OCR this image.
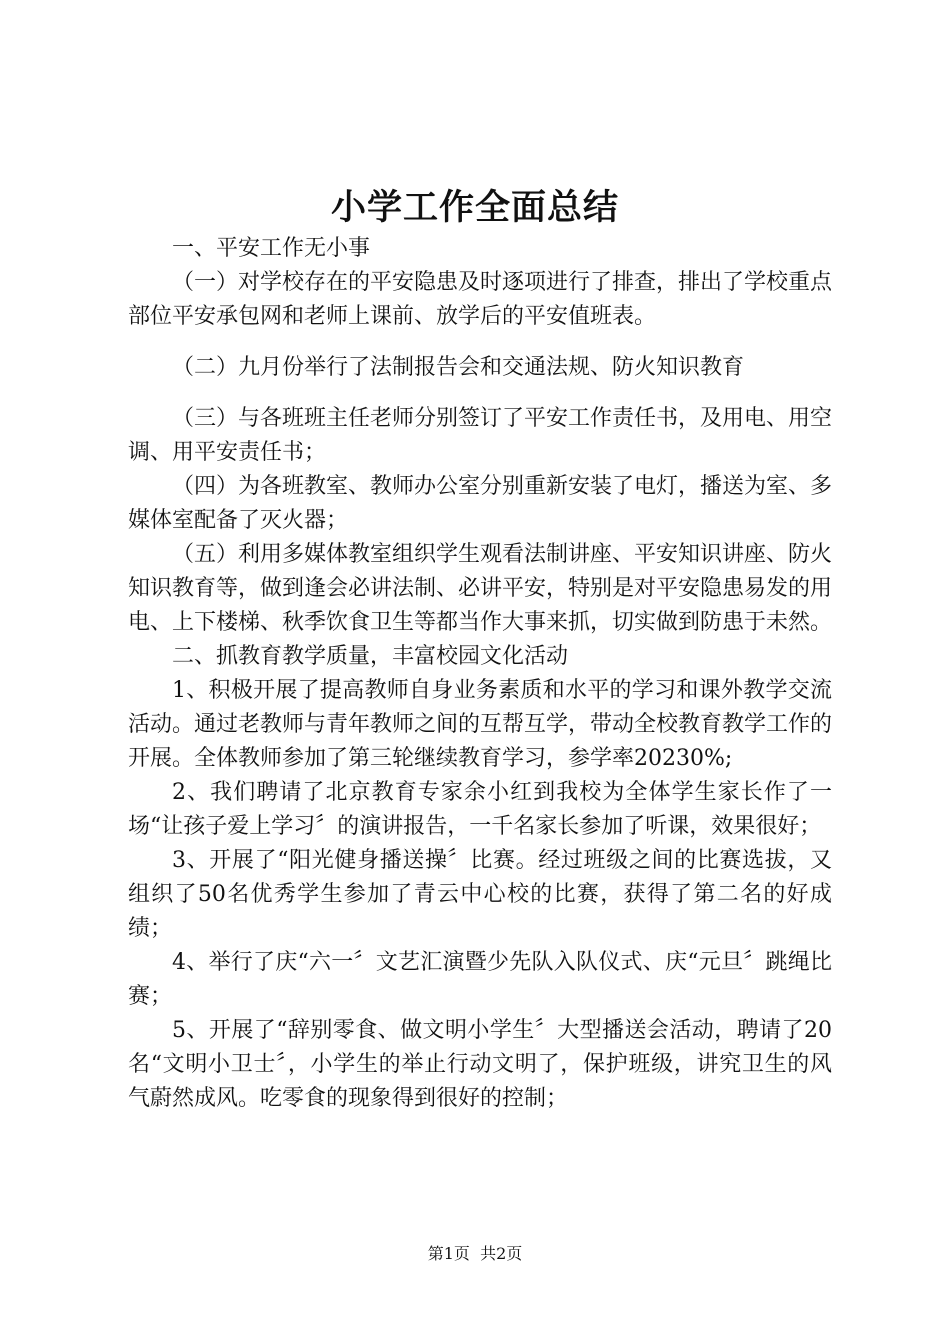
小学工作全面总结

一、平安工作无小事

（一）对学校存在的平安隐患及时逐项进行了排查，排出了学校重点部位平安承包网和老师上课前、放学后的平安值班表。

（二）九月份举行了法制报告会和交通法规、防火知识教育

（三）与各班班主任老师分别签订了平安工作责任书，及用电、用空调、用平安责任书；

（四）为各班教室、教师办公室分别重新安装了电灯，播送为室、多媒体室配备了灭火器；

（五）利用多媒体教室组织学生观看法制讲座、平安知识讲座、防火知识教育等，做到逢会必讲法制、必讲平安，特别是对平安隐患易发的用电、上下楼梯、秋季饮食卫生等都当作大事来抓，切实做到防患于未然。

二、抓教育教学质量，丰富校园文化活动

1、积极开展了提高教师自身业务素质和水平的学习和课外教学交流活动。通过老教师与青年教师之间的互帮互学，带动全校教育教学工作的开展。全体教师参加了第三轮继续教育学习，参学率20230%;

2、我们聘请了北京教育专家余小红到我校为全体学生家长作了一场“让孩子爱上学习〞的演讲报告，一千名家长参加了听课，效果很好；

3、开展了“阳光健身播送操〞比赛。经过班级之间的比赛选拔，又组织了50名优秀学生参加了青云中心校的比赛，获得了第二名的好成绩；

4、举行了庆“六一〞文艺汇演暨少先队入队仪式、庆“元旦〞跳绳比赛；

5、开展了“辞别零食、做文明小学生〞大型播送会活动，聘请了20名“文明小卫士〞，小学生的举止行动文明了，保护班级，讲究卫生的风气蔚然成风。吃零食的现象得到很好的控制；

第1页 共2页
